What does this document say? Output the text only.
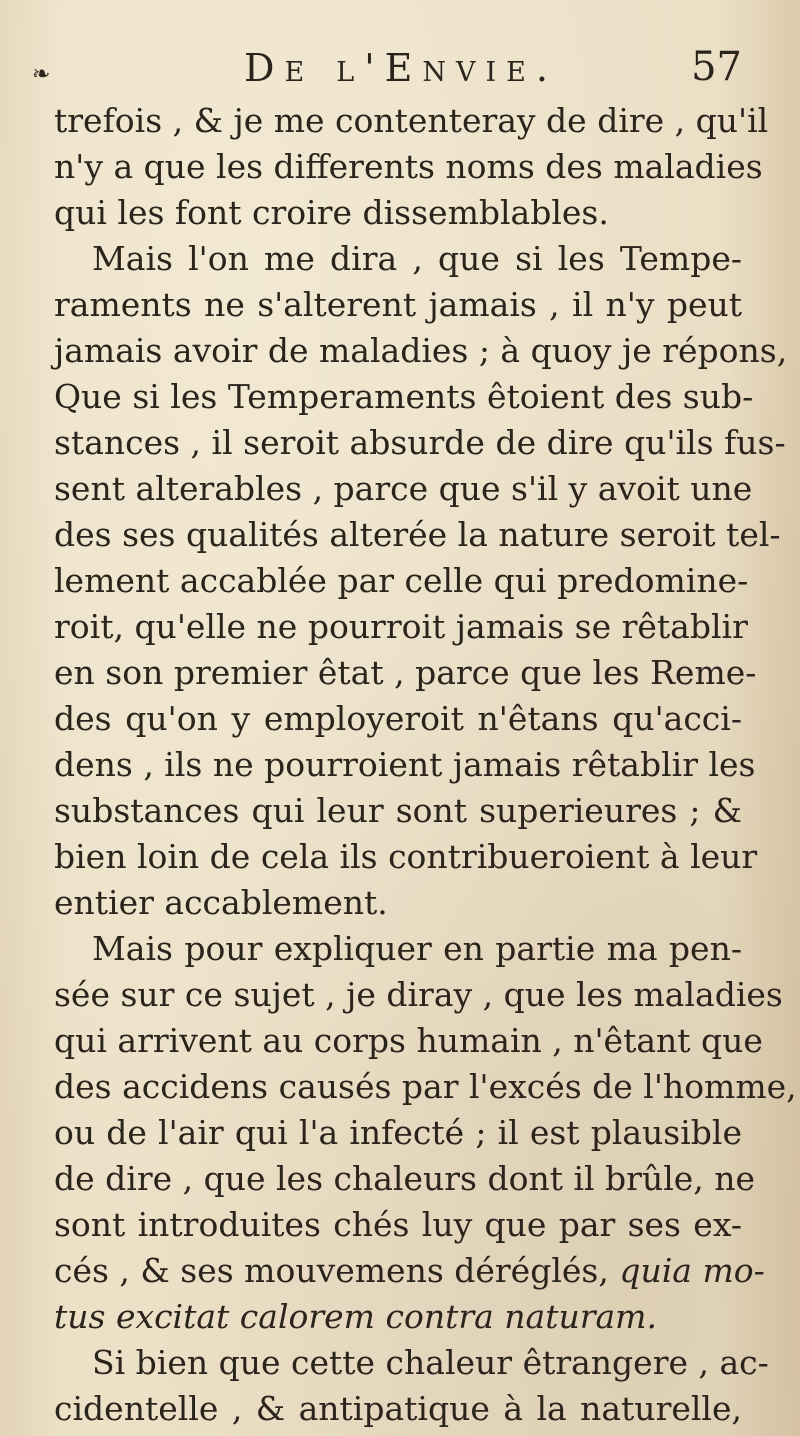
❧	De l'Envie.	57
trefois , & je me contenteray de dire , qu'il
n'y a que les differents noms des maladies
qui les font croire dissemblables.
Mais l'on me dira , que si les Tempe-
raments ne s'alterent jamais , il n'y peut
jamais avoir de maladies ; à quoy je répons,
Que si les Temperaments êtoient des sub-
stances , il seroit absurde de dire qu'ils fus-
sent alterables , parce que s'il y avoit une
des ses qualités alterée la nature seroit tel-
lement accablée par celle qui predomine-
roit, qu'elle ne pourroit jamais se rêtablir
en son premier êtat , parce que les Reme-
des qu'on y employeroit n'êtans qu'acci-
dens , ils ne pourroient jamais rêtablir les
substances qui leur sont superieures ; &
bien loin de cela ils contribueroient à leur
entier accablement.
Mais pour expliquer en partie ma pen-
sée sur ce sujet , je diray , que les maladies
qui arrivent au corps humain , n'êtant que
des accidens causés par l'excés de l'homme,
ou de l'air qui l'a infecté ; il est plausible
de dire , que les chaleurs dont il brûle, ne
sont introduites chés luy que par ses ex-
cés , & ses mouvemens déréglés, quia mo-
tus excitat calorem contra naturam.
Si bien que cette chaleur êtrangere , ac-
cidentelle , & antipatique à la naturelle,
